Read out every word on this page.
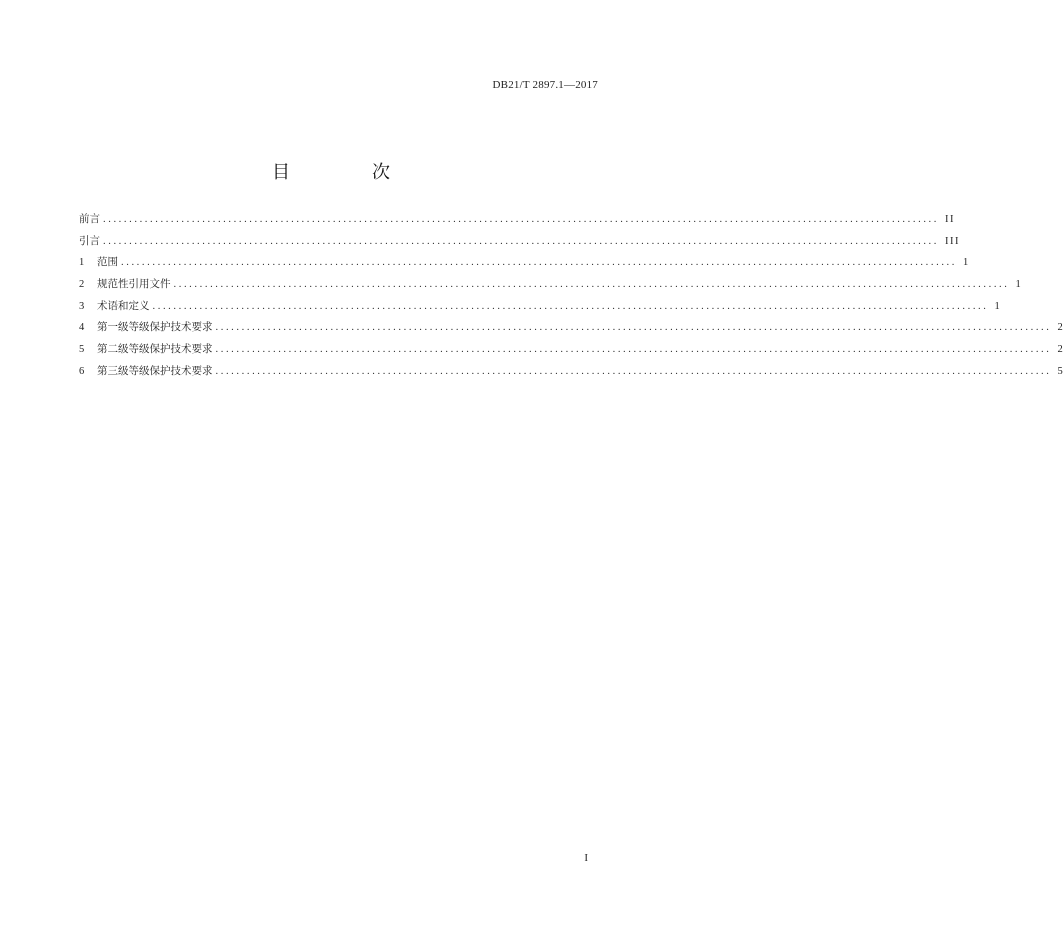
DB21/T 2897.1—2017
目　次
前言 ................................................................................................................................................................ II
引言 ................................................................................................................................................................ III
1	范围 ................................................................................................................................................................ 1
2	规范性引用文件 ................................................................................................................................................................ 1
3	术语和定义 ................................................................................................................................................................ 1
4	第一级等级保护技术要求 ................................................................................................................................................................ 2
5	第二级等级保护技术要求 ................................................................................................................................................................ 2
6	第三级等级保护技术要求 ................................................................................................................................................................ 5
I
